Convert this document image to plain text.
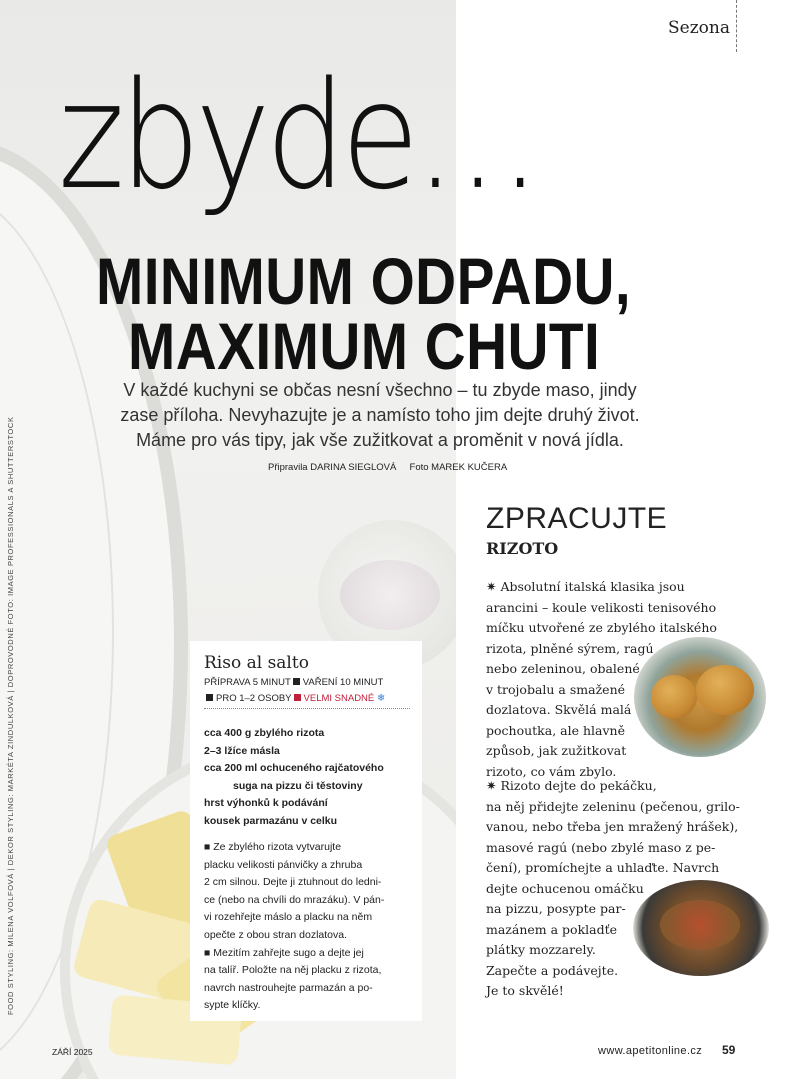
Sezona
zbyde…
MINIMUM ODPADU,
MAXIMUM CHUTI
V každé kuchyni se občas nesní všechno – tu zbyde maso, jindy
zase příloha. Nevyhazujte je a namísto toho jim dejte druhý život.
Máme pro vás tipy, jak vše zužitkovat a proměnit v nová jídla.
Připravila DARINA SIEGLOVÁ Foto MAREK KUČERA
FOOD STYLING: MILENA VOLFOVÁ | DEKOR STYLING: MARKÉTA ZINDULKOVÁ | DOPROVODNÉ FOTO: IMAGE PROFESSIONALS A SHUTTERSTOCK	Riso al salto
PŘÍPRAVA 5 MINUT VAŘENÍ 10 MINUT
PRO 1–2 OSOBY VELMI SNADNÉ ❄
cca 400 g zbylého rizota
2–3 lžíce másla
cca 200 ml ochuceného rajčatového
suga na pizzu či těstoviny
hrst výhonků k podávání
kousek parmazánu v celku

■ Ze zbylého rizota vytvarujte
placku velikosti pánvičky a zhruba
2 cm silnou. Dejte ji ztuhnout do ledni-
ce (nebo na chvíli do mrazáku). V pán-
vi rozehřejte máslo a placku na něm
opečte z obou stran dozlatova.

■ Mezitím zahřejte sugo a dejte jej
na talíř. Položte na něj placku z rizota,
navrch nastrouhejte parmazán a po-
sypte klíčky.

ZPRACUJTE
RIZOTO
✷ Absolutní italská klasika jsou
arancini – koule velikosti tenisového
míčku utvořené ze zbylého italského
rizota, plněné sýrem, ragú
nebo zeleninou, obalené
v trojobalu a smažené
dozlatova. Skvělá malá
pochoutka, ale hlavně
způsob, jak zužitkovat
rizoto, co vám zbylo.
✷ Rizoto dejte do pekáčku,
na něj přidejte zeleninu (pečenou, grilo-
vanou, nebo třeba jen mražený hrášek),
masové ragú (nebo zbylé maso z pe-
čení), promíchejte a uhlaďte. Navrch
dejte ochucenou omáčku
na pizzu, posypte par-
mazánem a pokladťe
plátky mozzarely.
Zapečte a podávejte.
Je to skvělé!
ZÁŘÍ 2025	www.apetitonline.cz 59
